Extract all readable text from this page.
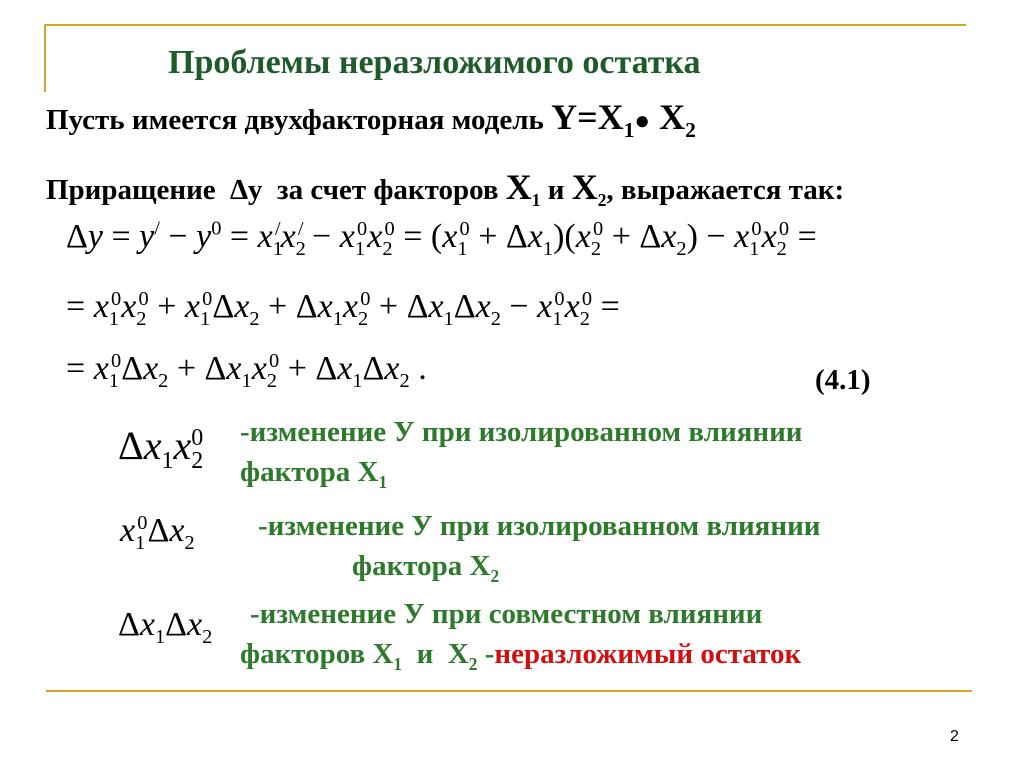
Проблемы неразложимого остатка
Пусть имеется двухфакторная модель $Y=X_1●$ $X_2$
Приращение  ∆у  за счет факторов $X_1$ и $X_2$, выражается так:
$\Delta y = y^/ - y^0 = x_1^/x_2^/ - x_1^0x_2^0 = (x_1^0 + \Delta x_1)(x_2^0 + \Delta x_2) - x_1^0x_2^0$ =
= $x_1^0x_2^0 + x_1^0\Delta x_2 + \Delta x_1x_2^0 + \Delta x_1\Delta x_2 - x_1^0x_2^0$ =
= $x_1^0\Delta x_2 + \Delta x_1x_2^0 + \Delta x_1\Delta x_2$ .	(4.1)
$\Delta x_1x_2^0$ -изменение У при изолированном влиянии
фактора $X_1$
$x_1^0\Delta x_2$
-изменение У при изолированном влиянии
фактора $X_2$
$\Delta x_1\Delta x_2$
-изменение У при совместном влиянии
факторов $X_1$  и  $X_2$ -неразложимый остаток
2
